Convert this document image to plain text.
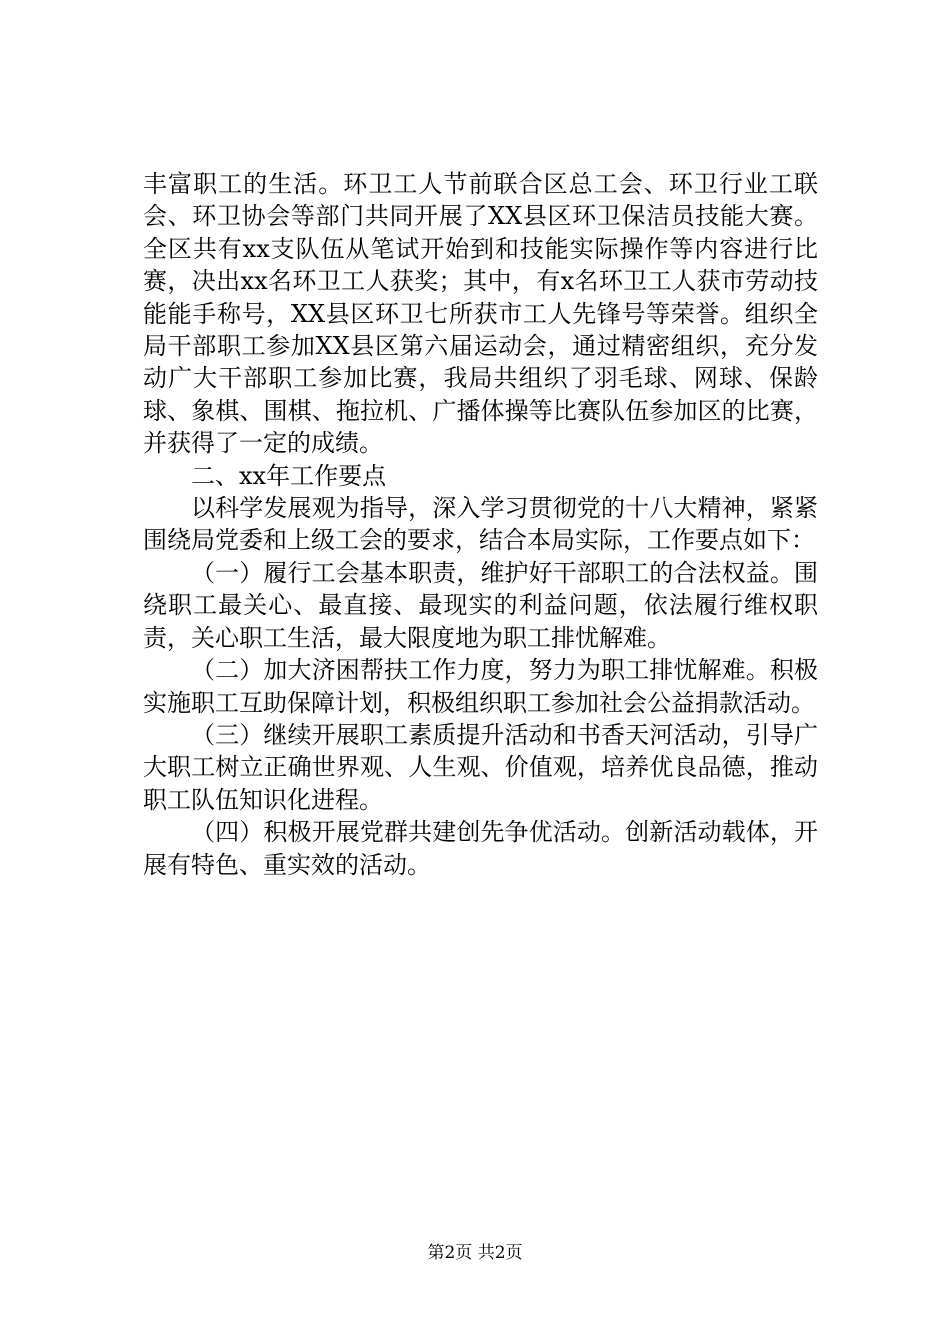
丰富职工的生活。环卫工人节前联合区总工会、环卫行业工联会、环卫协会等部门共同开展了XX县区环卫保洁员技能大赛。全区共有xx支队伍从笔试开始到和技能实际操作等内容进行比赛，决出xx名环卫工人获奖；其中，有x名环卫工人获市劳动技能能手称号，XX县区环卫七所获市工人先锋号等荣誉。组织全局干部职工参加XX县区第六届运动会，通过精密组织，充分发动广大干部职工参加比赛，我局共组织了羽毛球、网球、保龄球、象棋、围棋、拖拉机、广播体操等比赛队伍参加区的比赛，并获得了一定的成绩。

二、xx年工作要点

以科学发展观为指导，深入学习贯彻党的十八大精神，紧紧围绕局党委和上级工会的要求，结合本局实际，工作要点如下：

（一）履行工会基本职责，维护好干部职工的合法权益。围绕职工最关心、最直接、最现实的利益问题，依法履行维权职责，关心职工生活，最大限度地为职工排忧解难。

（二）加大济困帮扶工作力度，努力为职工排忧解难。积极实施职工互助保障计划，积极组织职工参加社会公益捐款活动。

（三）继续开展职工素质提升活动和书香天河活动，引导广大职工树立正确世界观、人生观、价值观，培养优良品德，推动职工队伍知识化进程。

（四）积极开展党群共建创先争优活动。创新活动载体，开展有特色、重实效的活动。

第2页 共2页
